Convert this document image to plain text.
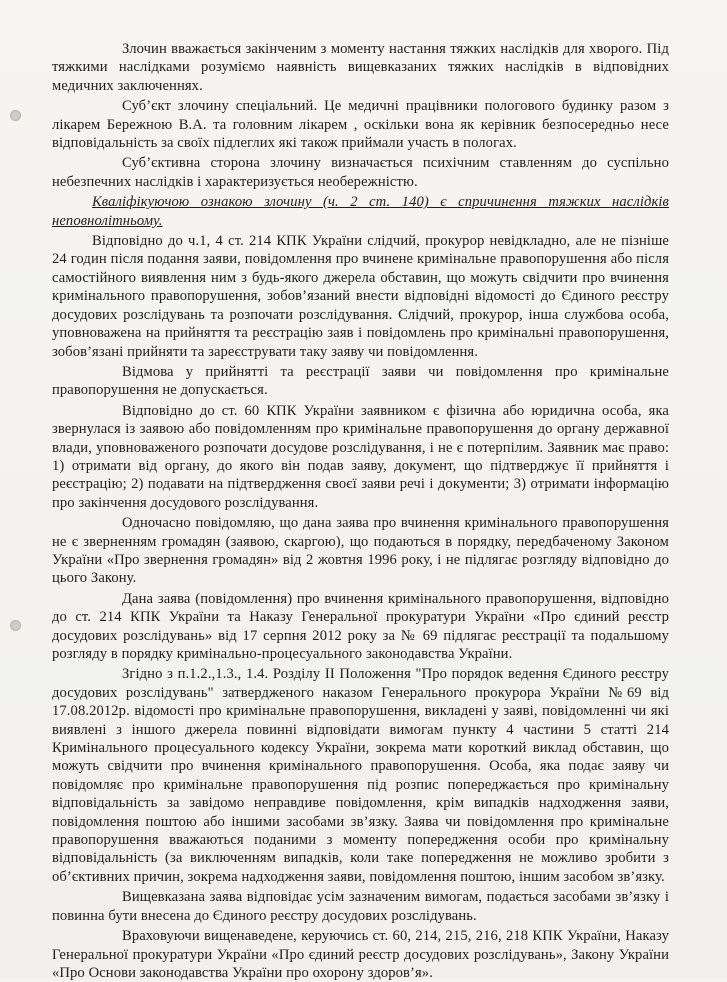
Злочин вважається закінченим з моменту настання тяжких наслідків для хворого. Під тяжкими наслідками розуміємо наявність вищевказаних тяжких наслідків в відповідних медичних заключеннях.

Суб’єкт злочину спеціальний. Це медичні працівники пологового будинку разом з лікарем Бережною В.А. та головним лікарем , оскільки вона як керівник безпосередньо несе відповідальність за своїх підлеглих які також приймали участь в пологах.

Суб’єктивна сторона злочину визначається психічним ставленням до суспільно небезпечних наслідків і характеризується необережністю.

Кваліфікуючою ознакою злочину (ч. 2 ст. 140) є спричинення тяжких наслідків неповнолітньому.

Відповідно до ч.1, 4 ст. 214 КПК України слідчий, прокурор невідкладно, але не пізніше 24 годин після подання заяви, повідомлення про вчинене кримінальне правопорушення або після самостійного виявлення ним з будь-якого джерела обставин, що можуть свідчити про вчинення кримінального правопорушення, зобов’язаний внести відповідні відомості до Єдиного реєстру досудових розслідувань та розпочати розслідування. Слідчий, прокурор, інша службова особа, уповноважена на прийняття та реєстрацію заяв і повідомлень про кримінальні правопорушення, зобов’язані прийняти та зареєструвати таку заяву чи повідомлення.

Відмова у прийнятті та реєстрації заяви чи повідомлення про кримінальне правопорушення не допускається.

Відповідно до ст. 60 КПК України заявником є фізична або юридична особа, яка звернулася із заявою або повідомленням про кримінальне правопорушення до органу державної влади, уповноваженого розпочати досудове розслідування, і не є потерпілим. Заявник має право: 1) отримати від органу, до якого він подав заяву, документ, що підтверджує її прийняття і реєстрацію; 2) подавати на підтвердження своєї заяви речі і документи; 3) отримати інформацію про закінчення досудового розслідування.

Одночасно повідомляю, що дана заява про вчинення кримінального правопорушення не є зверненням громадян (заявою, скаргою), що подаються в порядку, передбаченому Законом України «Про звернення громадян» від 2 жовтня 1996 року, і не підлягає розгляду відповідно до цього Закону.

Дана заява (повідомлення) про вчинення кримінального правопорушення, відповідно до ст. 214 КПК України та Наказу Генеральної прокуратури України «Про єдиний реєстр досудових розслідувань» від 17 серпня 2012 року за № 69 підлягає реєстрації та подальшому розгляду в порядку кримінально-процесуального законодавства України.

Згідно з п.1.2.,1.3., 1.4. Розділу ІІ Положення "Про порядок ведення Єдиного реєстру досудових розслідувань" затвердженого наказом Генерального прокурора України №69 від 17.08.2012р. відомості про кримінальне правопорушення, викладені у заяві, повідомленні чи які виявлені з іншого джерела повинні відповідати вимогам пункту 4 частини 5 статті 214 Кримінального процесуального кодексу України, зокрема мати короткий виклад обставин, що можуть свідчити про вчинення кримінального правопорушення. Особа, яка подає заяву чи повідомляє про кримінальне правопорушення під розпис попереджається про кримінальну відповідальність за завідомо неправдиве повідомлення, крім випадків надходження заяви, повідомлення поштою або іншими засобами зв’язку. Заява чи повідомлення про кримінальне правопорушення вважаються поданими з моменту попередження особи про кримінальну відповідальність (за виключенням випадків, коли таке попередження не можливо зробити з об’єктивних причин, зокрема надходження заяви, повідомлення поштою, іншим засобом зв’язку.

Вищевказана заява відповідає усім зазначеним вимогам, подається засобами зв’язку і повинна бути внесена до Єдиного реєстру досудових розслідувань.

Враховуючи вищенаведене, керуючись ст. 60, 214, 215, 216, 218 КПК України, Наказу Генеральної прокуратури України «Про єдиний реєстр досудових розслідувань», Закону України «Про Основи законодавства України про охорону здоров’я».
